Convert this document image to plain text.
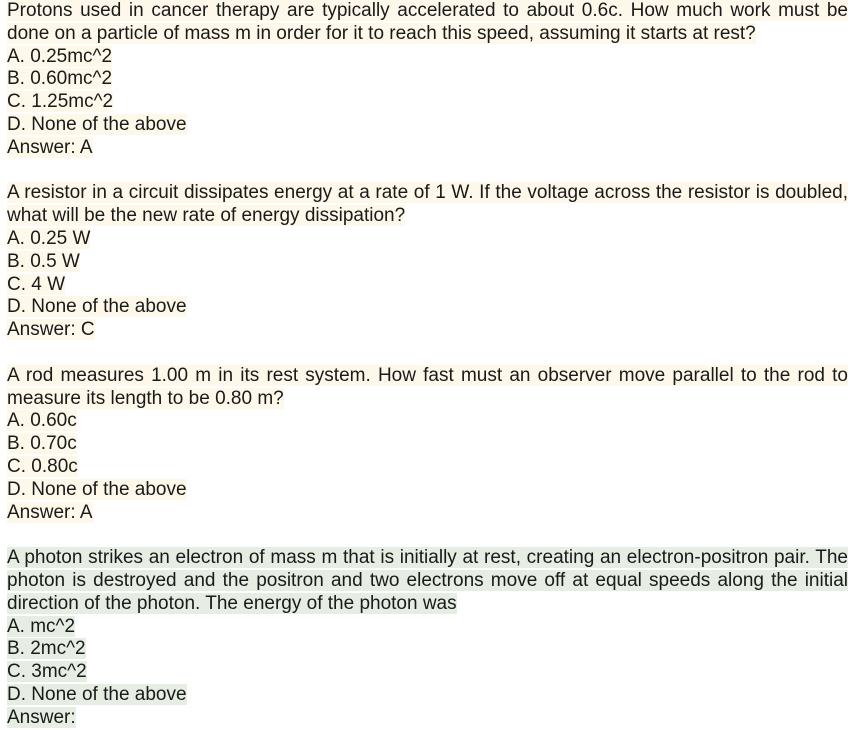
Protons used in cancer therapy are typically accelerated to about 0.6c. How much work must be done on a particle of mass m in order for it to reach this speed, assuming it starts at rest?

A. 0.25mc^2
B. 0.60mc^2
C. 1.25mc^2
D. None of the above
Answer: A

A resistor in a circuit dissipates energy at a rate of 1 W. If the voltage across the resistor is doubled, what will be the new rate of energy dissipation?

A. 0.25 W
B. 0.5 W
C. 4 W
D. None of the above
Answer: C

A rod measures 1.00 m in its rest system. How fast must an observer move parallel to the rod to measure its length to be 0.80 m?

A. 0.60c
B. 0.70c
C. 0.80c
D. None of the above
Answer: A

A photon strikes an electron of mass m that is initially at rest, creating an electron-positron pair. The photon is destroyed and the positron and two electrons move off at equal speeds along the initial direction of the photon. The energy of the photon was

A. mc^2
B. 2mc^2
C. 3mc^2
D. None of the above
Answer:
